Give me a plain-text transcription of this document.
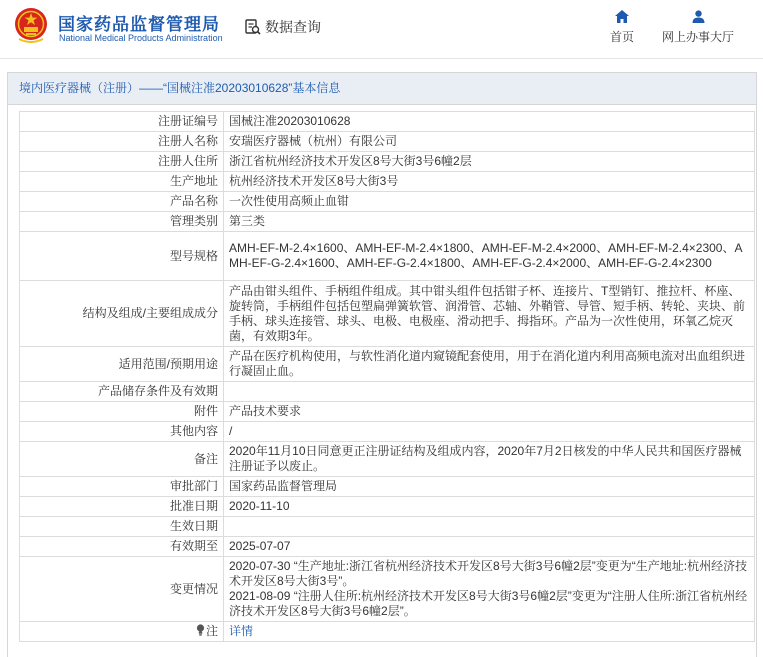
国家药品监督管理局
National Medical Products Administration
数据查询
首页	网上办事大厅
境内医疗器械（注册）——“国械注准20203010628”基本信息
注册证编号	国械注准20203010628
注册人名称	安瑞医疗器械（杭州）有限公司
注册人住所	浙江省杭州经济技术开发区8号大街3号6幢2层
生产地址	杭州经济技术开发区8号大街3号
产品名称	一次性使用高频止血钳
管理类别	第三类
型号规格	AMH-EF-M-2.4×1600、AMH-EF-M-2.4×1800、AMH-EF-M-2.4×2000、AMH-EF-M-2.4×2300、AMH-EF-G-2.4×1600、AMH-EF-G-2.4×1800、AMH-EF-G-2.4×2000、AMH-EF-G-2.4×2300
结构及组成/主要组成成分	产品由钳头组件、手柄组件组成。其中钳头组件包括钳子杯、连接片、T型销钉、推拉杆、杯座、旋转筒，手柄组件包括包塑扁弹簧软管、润滑管、芯轴、外鞘管、导管、短手柄、转轮、夹块、前手柄、球头连接管、球头、电极、电极座、滑动把手、拇指环。产品为一次性使用，环氧乙烷灭菌，有效期3年。
适用范围/预期用途	产品在医疗机构使用，与软性消化道内窥镜配套使用，用于在消化道内利用高频电流对出血组织进行凝固止血。
产品储存条件及有效期	
附件	产品技术要求
其他内容	/
备注	2020年11月10日同意更正注册证结构及组成内容，2020年7月2日核发的中华人民共和国医疗器械注册证予以废止。
审批部门	国家药品监督管理局
批准日期	2020-11-10
生效日期	
有效期至	2025-07-07
变更情况	2020-07-30 “生产地址:浙江省杭州经济技术开发区8号大街3号6幢2层”变更为“生产地址:杭州经济技术开发区8号大街3号”。
2021-08-09 “注册人住所:杭州经济技术开发区8号大街3号6幢2层”变更为“注册人住所:浙江省杭州经济技术开发区8号大街3号6幢2层”。

注	详情
